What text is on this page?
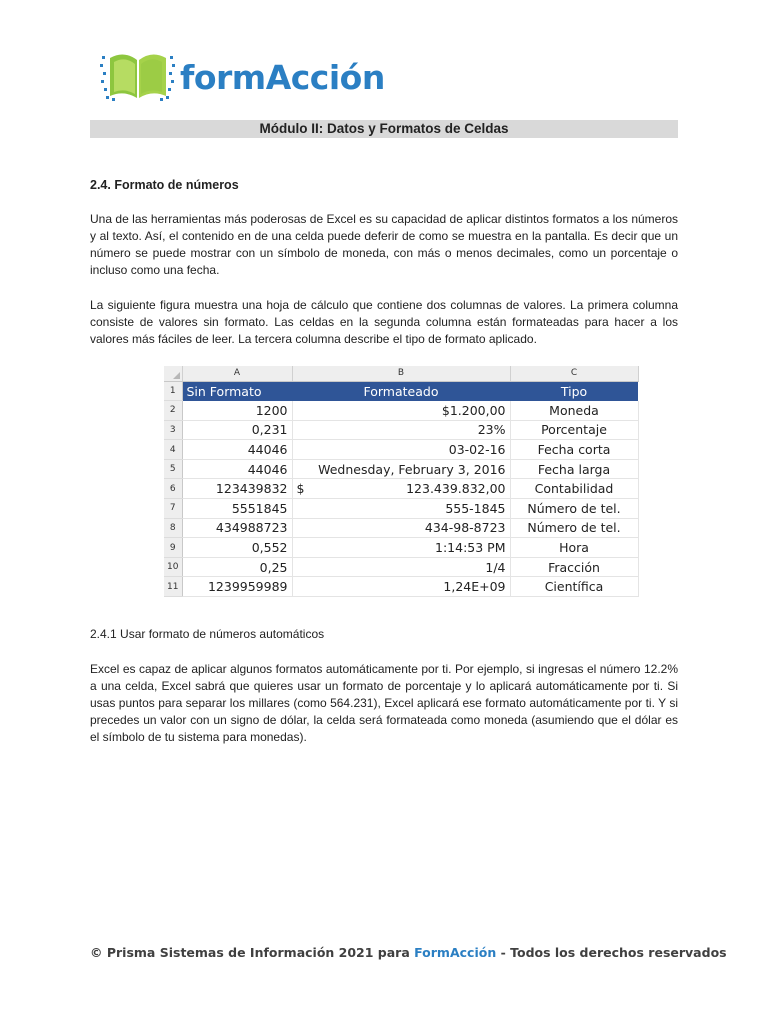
formAcción
Módulo II: Datos y Formatos de Celdas
2.4. Formato de números

Una de las herramientas más poderosas de Excel es su capacidad de aplicar distintos formatos a los números y al texto. Así, el contenido en de una celda puede deferir de como se muestra en la pantalla. Es decir que un número se puede mostrar con un símbolo de moneda, con más o menos decimales, como un porcentaje o incluso como una fecha.

La siguiente figura muestra una hoja de cálculo que contiene dos columnas de valores. La primera columna consiste de valores sin formato. Las celdas en la segunda columna están formateadas para hacer a los valores más fáciles de leer. La tercera columna describe el tipo de formato aplicado.

	A	B	C
1	Sin Formato	Formateado	Tipo
2	1200	$1.200,00	Moneda
3	0,231	23%	Porcentaje
4	44046	03-02-16	Fecha corta
5	44046	Wednesday, February 3, 2016	Fecha larga
6	123439832	$ 123.439.832,00	Contabilidad
7	5551845	555-1845	Número de tel.
8	434988723	434-98-8723	Número de tel.
9	0,552	1:14:53 PM	Hora
10	0,25	1/4	Fracción
11	1239959989	1,24E+09	Científica
2.4.1 Usar formato de números automáticos

Excel es capaz de aplicar algunos formatos automáticamente por ti. Por ejemplo, si ingresas el número 12.2% a una celda, Excel sabrá que quieres usar un formato de porcentaje y lo aplicará automáticamente por ti. Si usas puntos para separar los millares (como 564.231), Excel aplicará ese formato automáticamente por ti. Y si precedes un valor con un signo de dólar, la celda será formateada como moneda (asumiendo que el dólar es el símbolo de tu sistema para monedas).

© Prisma Sistemas de Información 2021 para FormAcción - Todos los derechos reservados
